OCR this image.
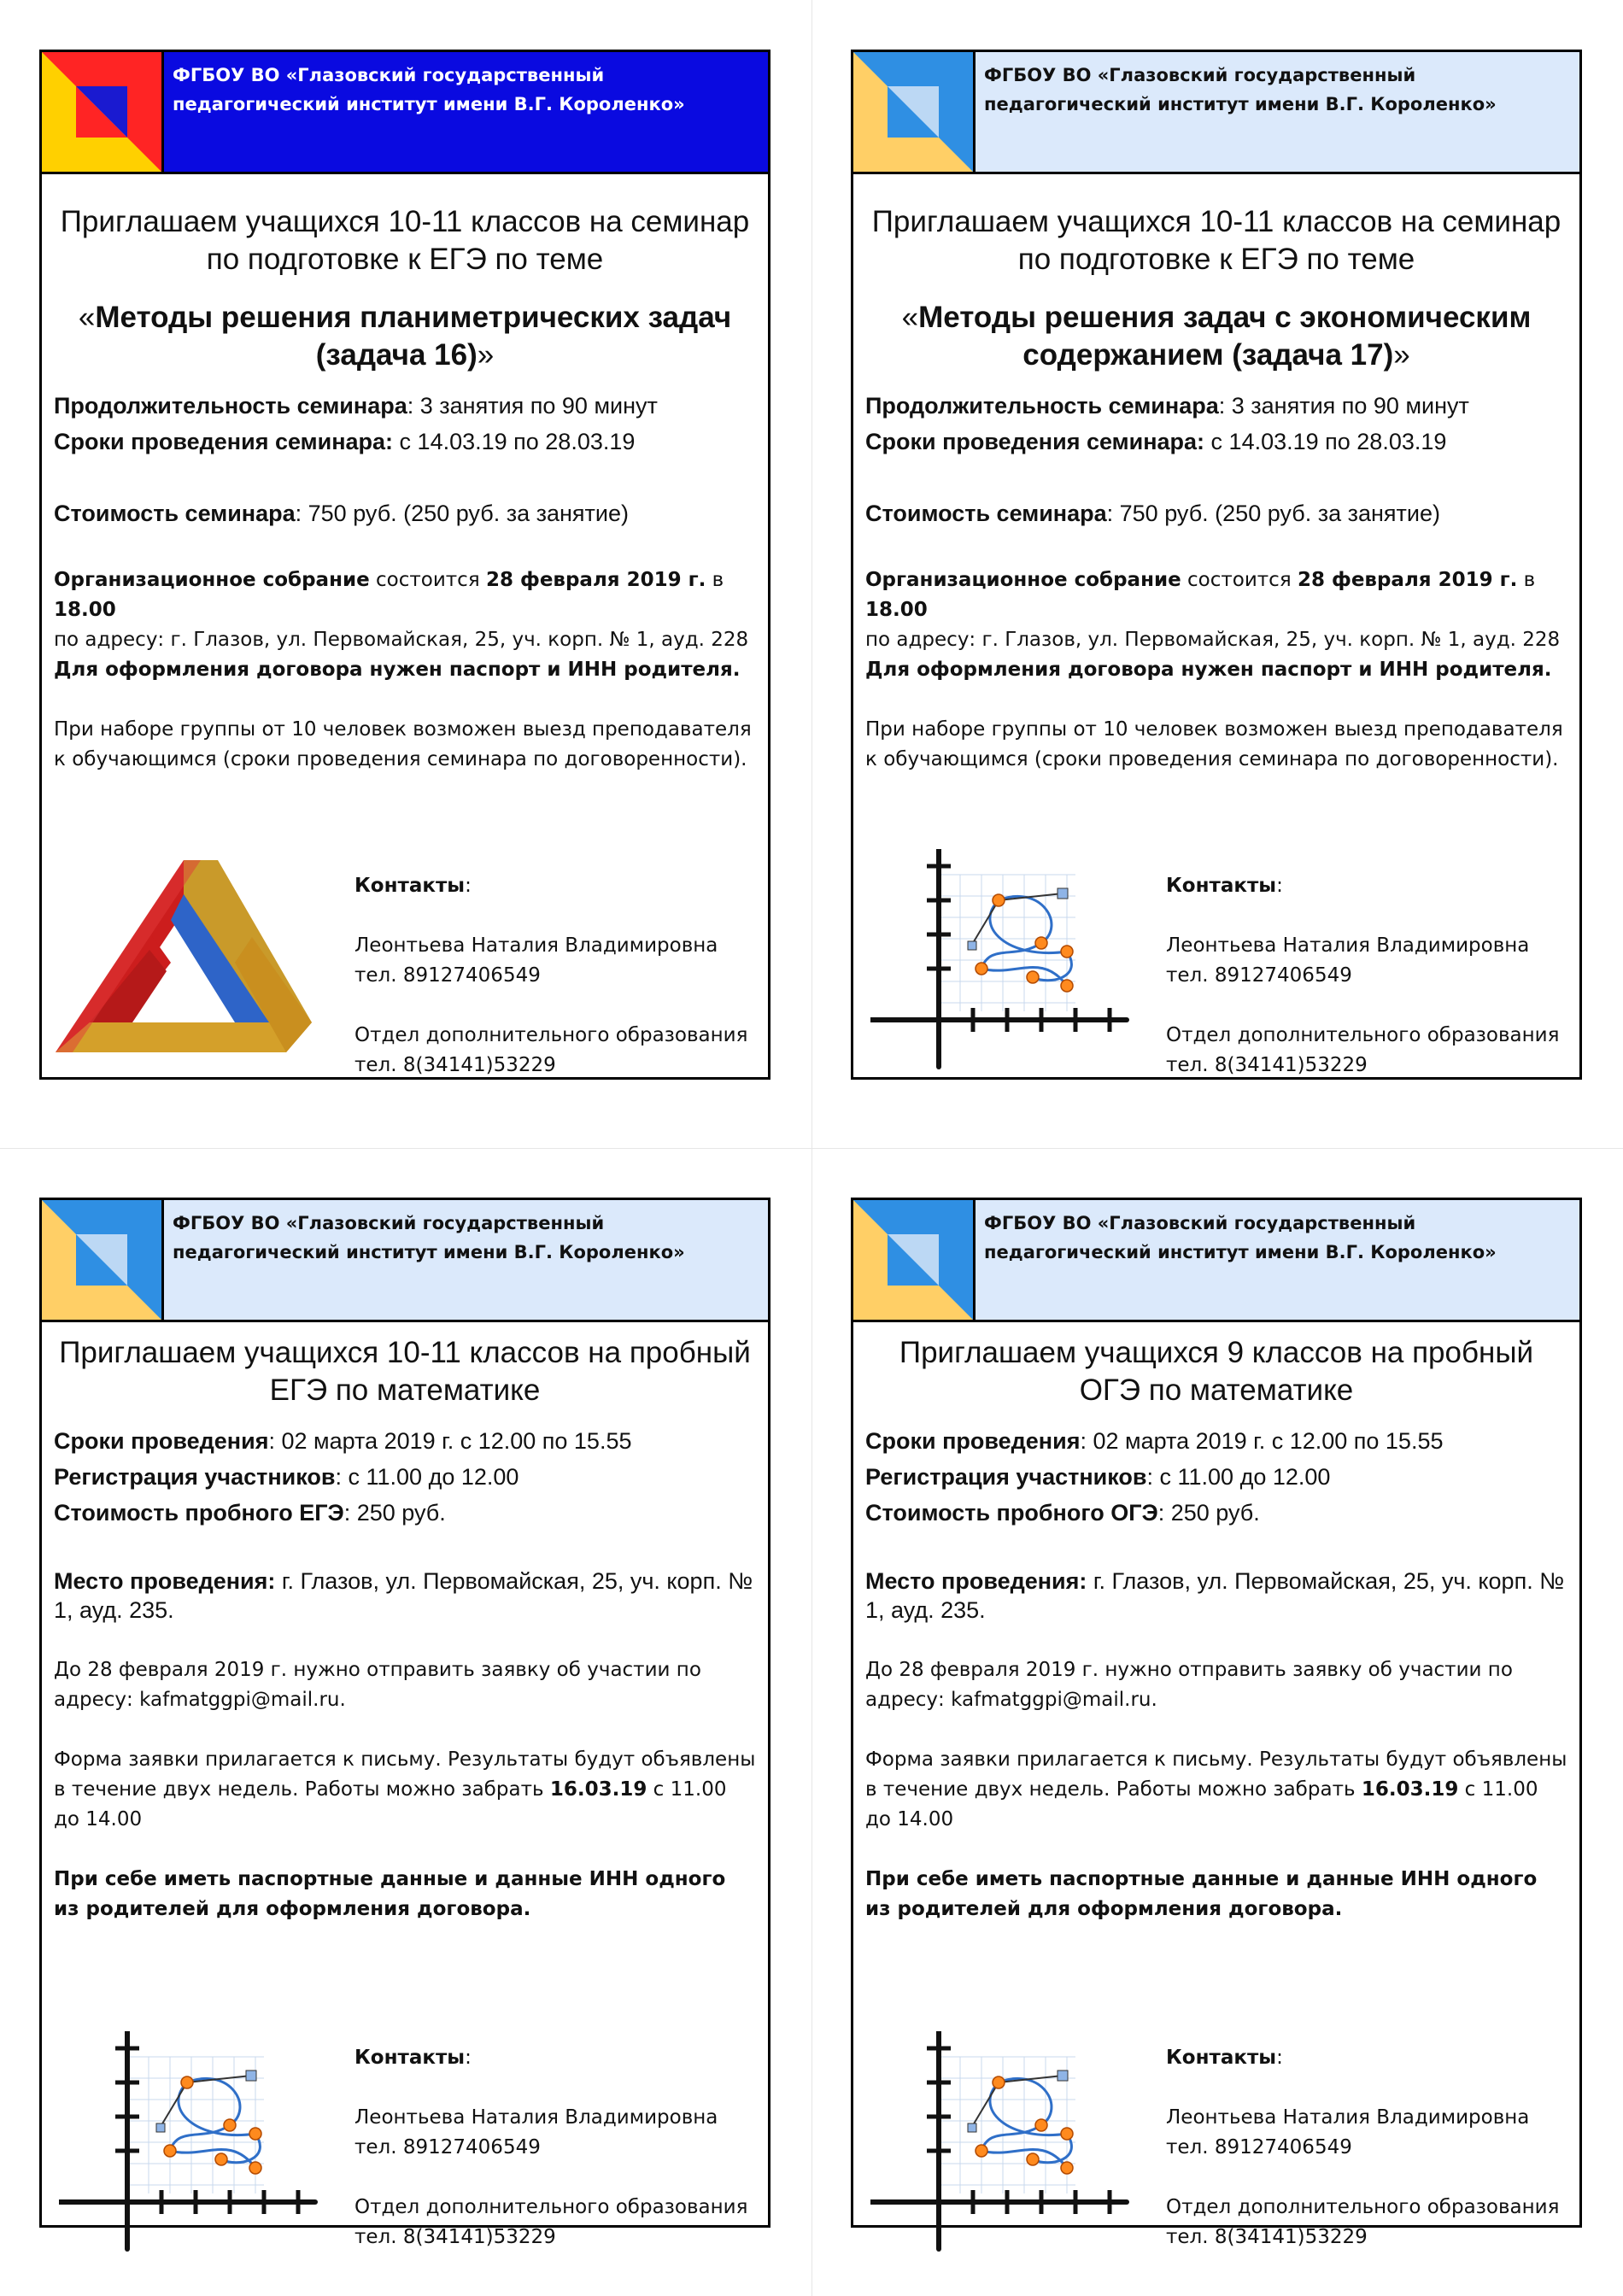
ФГБОУ ВО «Глазовский государственный педагогический институт имени В.Г. Короленко»
Приглашаем учащихся 10-11 классов на семинар по подготовке к ЕГЭ по теме
«Методы решения планиметрических задач (задача 16)»
Продолжительность семинара: 3 занятия по 90 минут
Сроки проведения семинара: с 14.03.19 по 28.03.19
Стоимость семинара: 750 руб. (250 руб. за занятие)
Организационное собрание состоится 28 февраля 2019 г. в 18.00
по адресу: г. Глазов, ул. Первомайская, 25, уч. корп. № 1, ауд. 228
Для оформления договора нужен паспорт и ИНН родителя.
При наборе группы от 10 человек возможен выезд преподавателя к обучающимся (сроки проведения семинара по договоренности).
Контакты:
Леонтьева Наталия Владимировна
тел. 89127406549
Отдел дополнительного образования
тел. 8(34141)53229
ФГБОУ ВО «Глазовский государственный педагогический институт имени В.Г. Короленко»
Приглашаем учащихся 10-11 классов на семинар по подготовке к ЕГЭ по теме
«Методы решения задач с экономическим содержанием (задача 17)»
Продолжительность семинара: 3 занятия по 90 минут
Сроки проведения семинара: с 14.03.19 по 28.03.19
Стоимость семинара: 750 руб. (250 руб. за занятие)
Организационное собрание состоится 28 февраля 2019 г. в 18.00
по адресу: г. Глазов, ул. Первомайская, 25, уч. корп. № 1, ауд. 228
Для оформления договора нужен паспорт и ИНН родителя.
При наборе группы от 10 человек возможен выезд преподавателя к обучающимся (сроки проведения семинара по договоренности).
Контакты:
Леонтьева Наталия Владимировна
тел. 89127406549
Отдел дополнительного образования
тел. 8(34141)53229
ФГБОУ ВО «Глазовский государственный педагогический институт имени В.Г. Короленко»
Приглашаем учащихся 10-11 классов на пробный ЕГЭ по математике
Сроки проведения: 02 марта 2019 г. с 12.00 по 15.55
Регистрация участников: с 11.00 до 12.00
Стоимость пробного ЕГЭ: 250 руб.
Место проведения: г. Глазов, ул. Первомайская, 25, уч. корп. № 1, ауд. 235.
До 28 февраля 2019 г. нужно отправить заявку об участии по адресу: kafmatggpi@mail.ru.
Форма заявки прилагается к письму. Результаты будут объявлены в течение двух недель. Работы можно забрать 16.03.19 с 11.00 до 14.00
При себе иметь паспортные данные и данные ИНН одного из родителей для оформления договора.
Контакты:
Леонтьева Наталия Владимировна
тел. 89127406549
Отдел дополнительного образования
тел. 8(34141)53229
ФГБОУ ВО «Глазовский государственный педагогический институт имени В.Г. Короленко»
Приглашаем учащихся 9 классов на пробный ОГЭ по математике
Сроки проведения: 02 марта 2019 г. с 12.00 по 15.55
Регистрация участников: с 11.00 до 12.00
Стоимость пробного ОГЭ: 250 руб.
Место проведения: г. Глазов, ул. Первомайская, 25, уч. корп. № 1, ауд. 235.
До 28 февраля 2019 г. нужно отправить заявку об участии по адресу: kafmatggpi@mail.ru.
Форма заявки прилагается к письму. Результаты будут объявлены в течение двух недель. Работы можно забрать 16.03.19 с 11.00 до 14.00
При себе иметь паспортные данные и данные ИНН одного из родителей для оформления договора.
Контакты:
Леонтьева Наталия Владимировна
тел. 89127406549
Отдел дополнительного образования
тел. 8(34141)53229
